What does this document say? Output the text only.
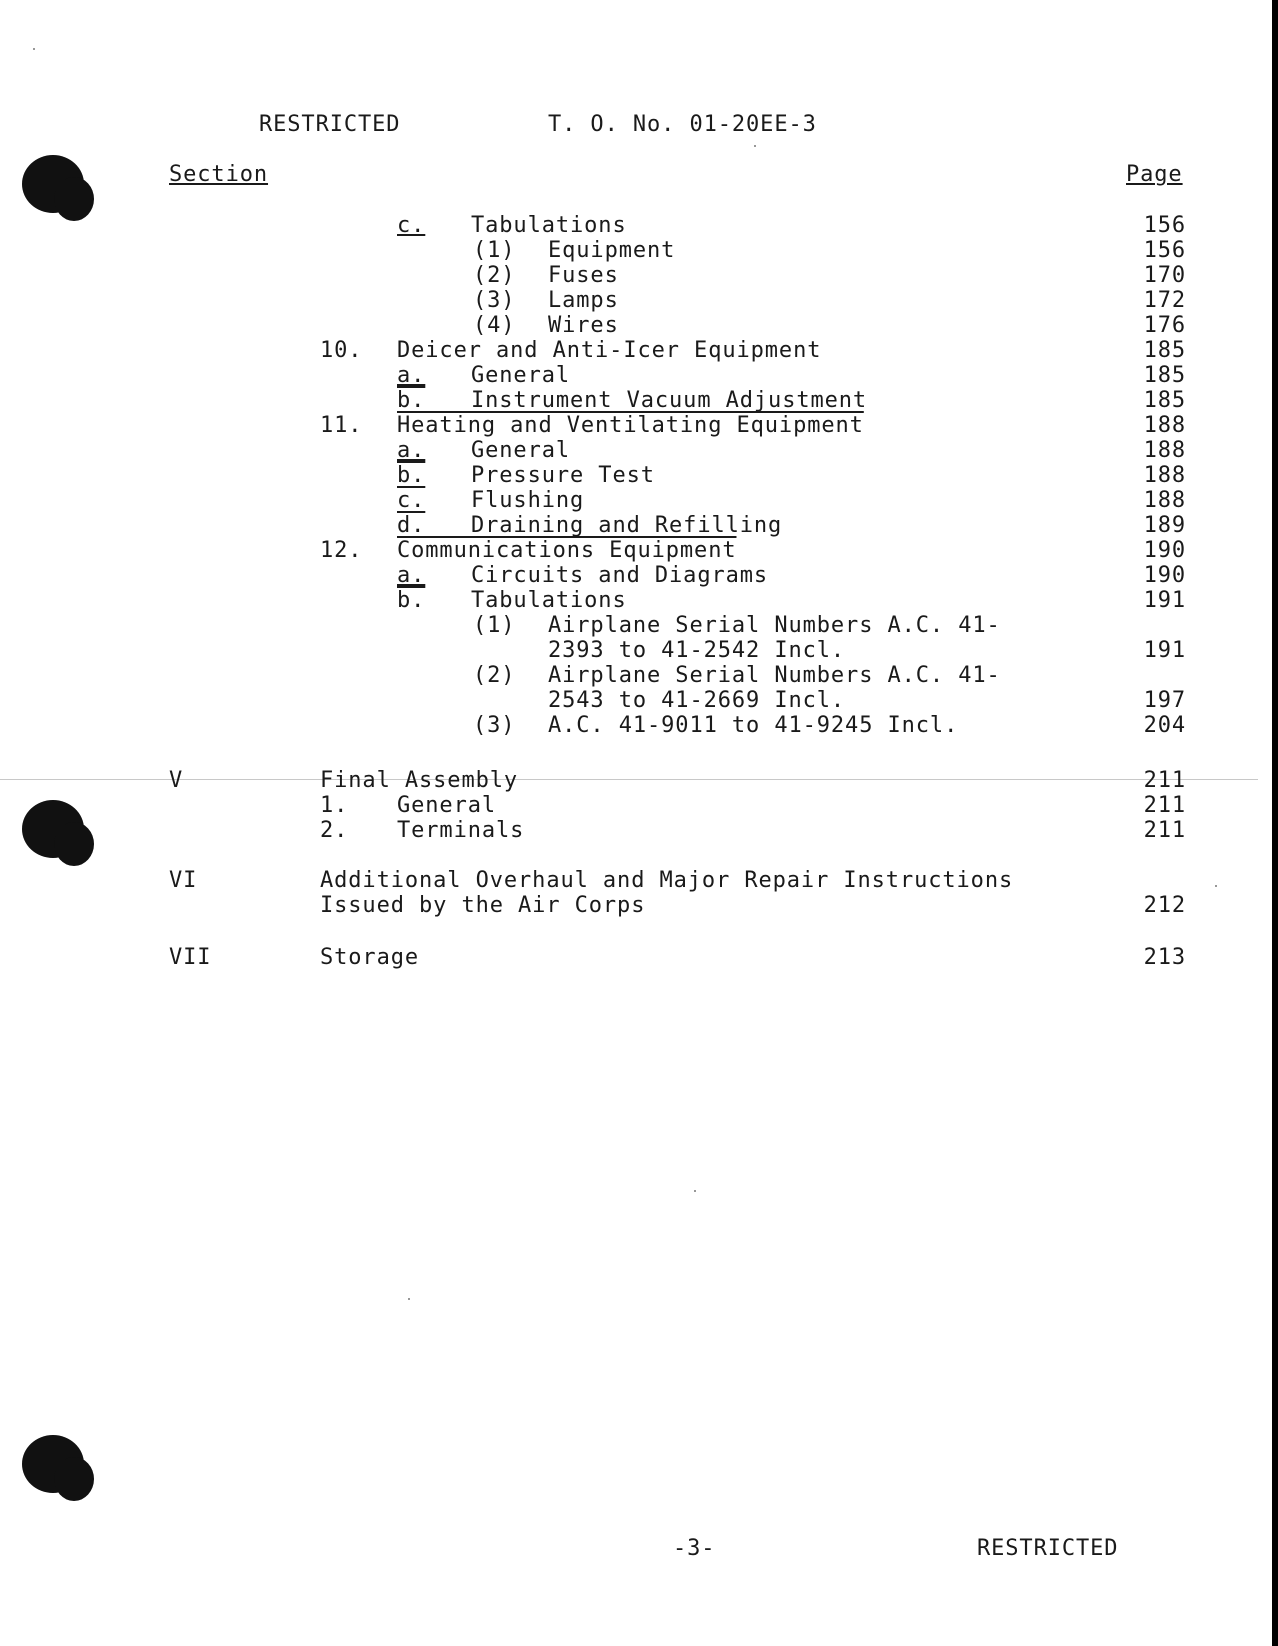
RESTRICTED	T. O. No. 01-20EE-3
Section	Page
c. Tabulations	156
(1) Equipment	156
(2) Fuses	170
(3) Lamps	172
(4) Wires	176
10. Deicer and Anti-Icer Equipment	185
a. General	185
b. Instrument Vacuum Adjustment	185
11. Heating and Ventilating Equipment	188
a. General	188
b. Pressure Test	188
c. Flushing	188
d. Draining and Refilling	189
12. Communications Equipment	190
a. Circuits and Diagrams	190
b. Tabulations	191
(1) Airplane Serial Numbers A.C. 41-
2393 to 41-2542 Incl.	191
(2) Airplane Serial Numbers A.C. 41-
2543 to 41-2669 Incl.	197
(3) A.C. 41-9011 to 41-9245 Incl.	204
V	Final Assembly	211
1. General	211
2. Terminals	211
VI	Additional Overhaul and Major Repair Instructions
Issued by the Air Corps	212
VII	Storage	213
-3-	RESTRICTED
